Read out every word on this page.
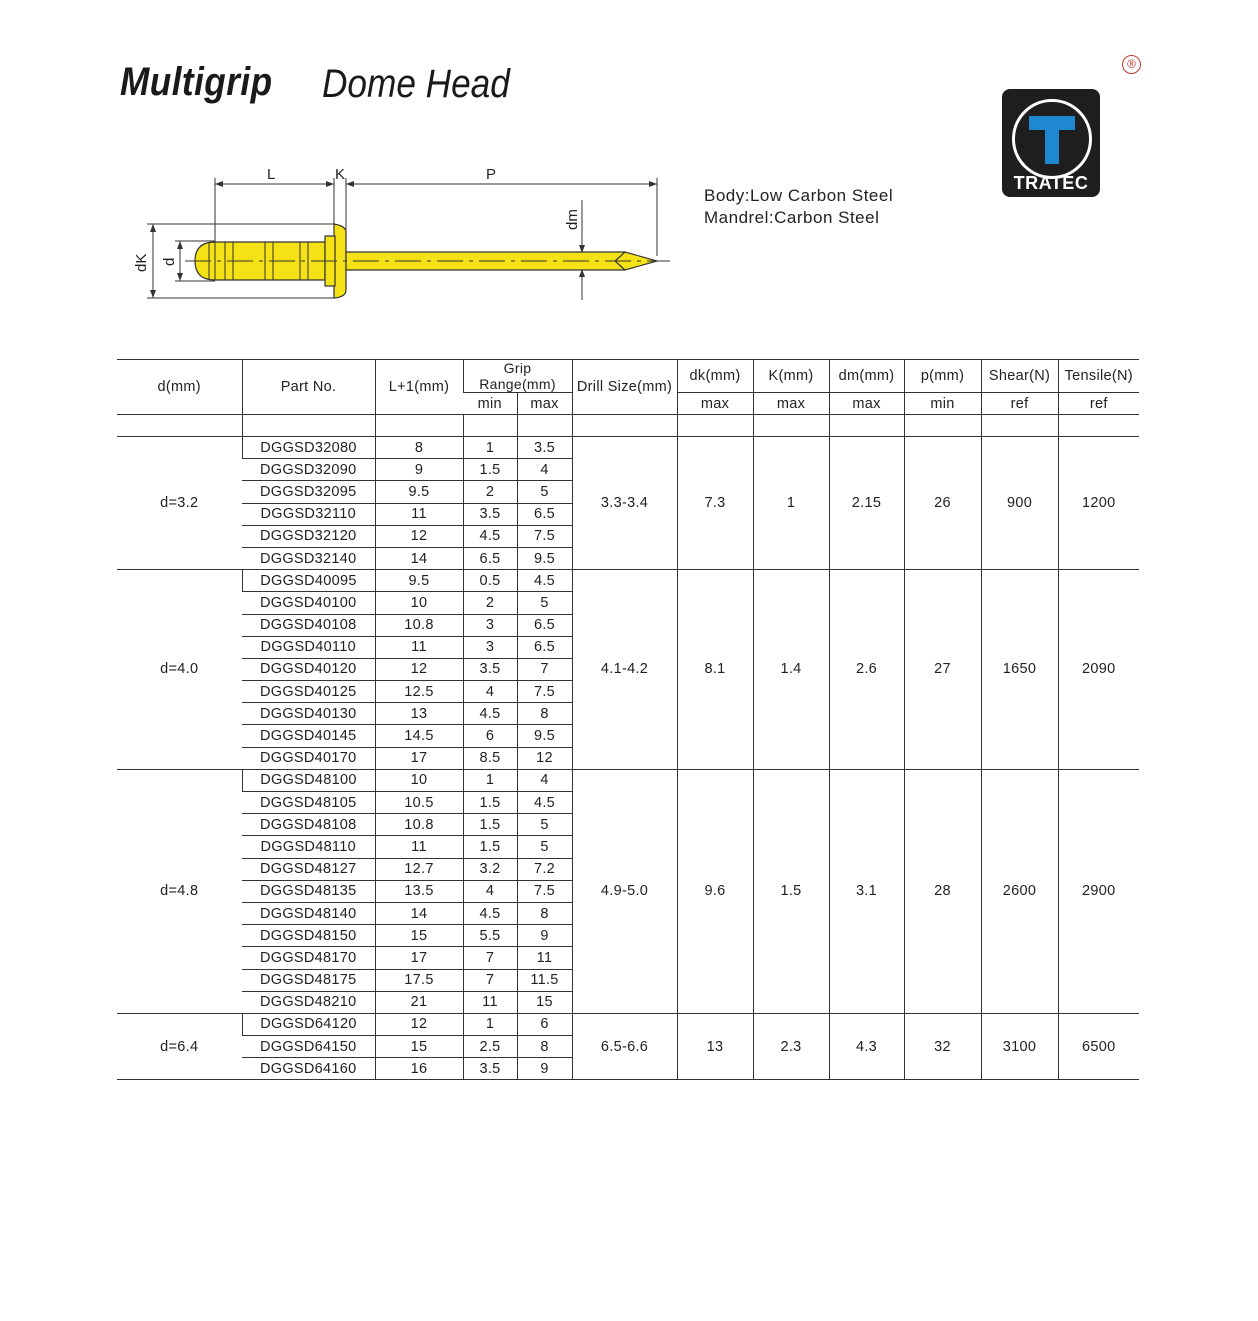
Multigrip Dome Head	®
TRATEC
Body:Low Carbon Steel
Mandrel:Carbon Steel
L	K	P
dm
dK d
d(mm)	Part No.	L+1(mm)	Grip Range(mm)		Drill Size(mm)	dk(mm)	K(mm)	dm(mm)	p(mm)	Shear(N)	Tensile(N)
			min	max		max	max	max	min	ref	ref

d=3.2	DGGSD32080	8	1	3.5	3.3-3.4	7.3	1	2.15	26	900	1200
	DGGSD32090	9	1.5	4							
	DGGSD32095	9.5	2	5							
	DGGSD32110	11	3.5	6.5							
	DGGSD32120	12	4.5	7.5							
	DGGSD32140	14	6.5	9.5							
d=4.0	DGGSD40095	9.5	0.5	4.5	4.1-4.2	8.1	1.4	2.6	27	1650	2090
	DGGSD40100	10	2	5							
	DGGSD40108	10.8	3	6.5							
	DGGSD40110	11	3	6.5							
	DGGSD40120	12	3.5	7							
	DGGSD40125	12.5	4	7.5							
	DGGSD40130	13	4.5	8							
	DGGSD40145	14.5	6	9.5							
	DGGSD40170	17	8.5	12							
d=4.8	DGGSD48100	10	1	4	4.9-5.0	9.6	1.5	3.1	28	2600	2900
	DGGSD48105	10.5	1.5	4.5							
	DGGSD48108	10.8	1.5	5							
	DGGSD48110	11	1.5	5							
	DGGSD48127	12.7	3.2	7.2							
	DGGSD48135	13.5	4	7.5							
	DGGSD48140	14	4.5	8							
	DGGSD48150	15	5.5	9							
	DGGSD48170	17	7	11							
	DGGSD48175	17.5	7	11.5							
	DGGSD48210	21	11	15							
d=6.4	DGGSD64120	12	1	6	6.5-6.6	13	2.3	4.3	32	3100	6500
	DGGSD64150	15	2.5	8							
	DGGSD64160	16	3.5	9							
